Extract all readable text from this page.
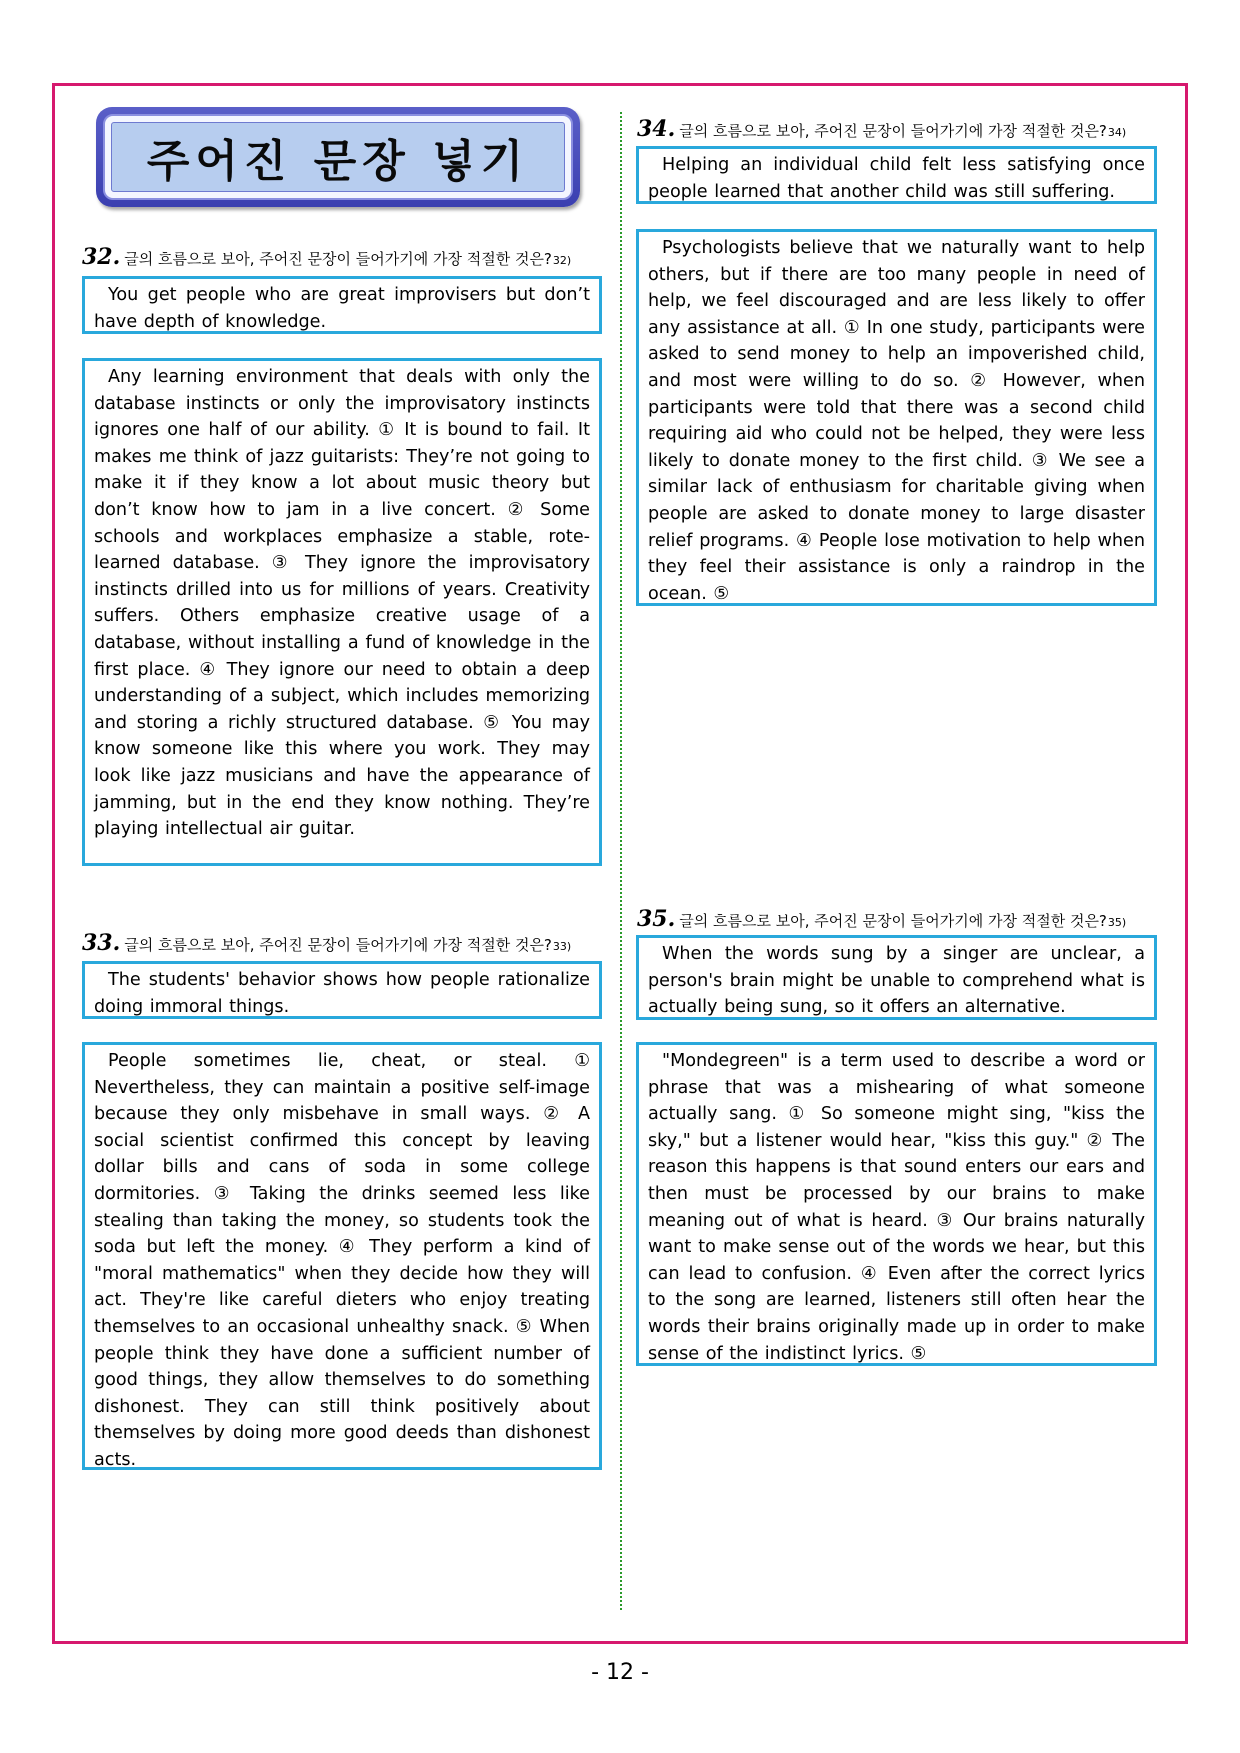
주어진 문장 넣기
32. 글의 흐름으로 보아, 주어진 문장이 들어가기에 가장 적절한 것은? 32)
You get people who are great improvisers but don’t have depth of knowledge.
Any learning environment that deals with only the database instincts or only the improvisatory instincts ignores one half of our ability. ① It is bound to fail. It makes me think of jazz guitarists: They’re not going to make it if they know a lot about music theory but don’t know how to jam in a live concert. ② Some schools and workplaces emphasize a stable, rote-learned database. ③ They ignore the improvisatory instincts drilled into us for millions of years. Creativity suffers. Others emphasize creative usage of a database, without installing a fund of knowledge in the first place. ④ They ignore our need to obtain a deep understanding of a subject, which includes memorizing and storing a richly structured database. ⑤ You may know someone like this where you work. They may look like jazz musicians and have the appearance of jamming, but in the end they know nothing. They’re playing intellectual air guitar.
33. 글의 흐름으로 보아, 주어진 문장이 들어가기에 가장 적절한 것은? 33)
The students' behavior shows how people rationalize doing immoral things.
People sometimes lie, cheat, or steal. ① Nevertheless, they can maintain a positive self-image because they only misbehave in small ways. ② A social scientist confirmed this concept by leaving dollar bills and cans of soda in some college dormitories. ③ Taking the drinks seemed less like stealing than taking the money, so students took the soda but left the money. ④ They perform a kind of "moral mathematics" when they decide how they will act. They're like careful dieters who enjoy treating themselves to an occasional unhealthy snack. ⑤ When people think they have done a sufficient number of good things, they allow themselves to do something dishonest. They can still think positively about themselves by doing more good deeds than dishonest acts.
34. 글의 흐름으로 보아, 주어진 문장이 들어가기에 가장 적절한 것은? 34)
Helping an individual child felt less satisfying once people learned that another child was still suffering.
Psychologists believe that we naturally want to help others, but if there are too many people in need of help, we feel discouraged and are less likely to offer any assistance at all. ① In one study, participants were asked to send money to help an impoverished child, and most were willing to do so. ② However, when participants were told that there was a second child requiring aid who could not be helped, they were less likely to donate money to the first child. ③ We see a similar lack of enthusiasm for charitable giving when people are asked to donate money to large disaster relief programs. ④ People lose motivation to help when they feel their assistance is only a raindrop in the ocean. ⑤
35. 글의 흐름으로 보아, 주어진 문장이 들어가기에 가장 적절한 것은? 35)
When the words sung by a singer are unclear, a person's brain might be unable to comprehend what is actually being sung, so it offers an alternative.
"Mondegreen" is a term used to describe a word or phrase that was a mishearing of what someone actually sang. ① So someone might sing, "kiss the sky," but a listener would hear, "kiss this guy." ② The reason this happens is that sound enters our ears and then must be processed by our brains to make meaning out of what is heard. ③ Our brains naturally want to make sense out of the words we hear, but this can lead to confusion. ④ Even after the correct lyrics to the song are learned, listeners still often hear the words their brains originally made up in order to make sense of the indistinct lyrics. ⑤
- 12 -
